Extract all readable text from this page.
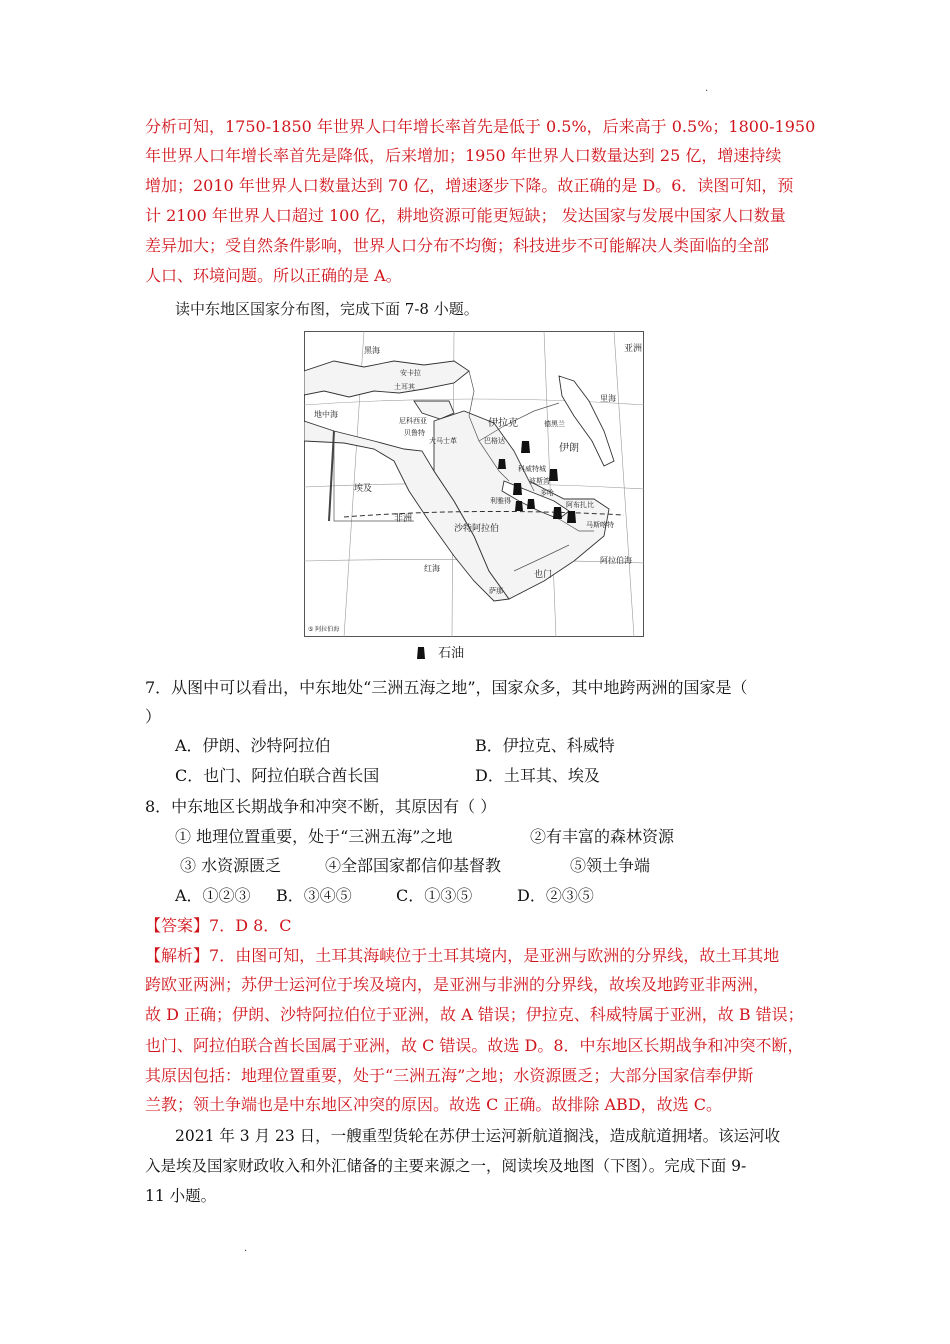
·
·
分析可知，1750-1850 年世界人口年增长率首先是低于 0.5%，后来高于 0.5%；1800-1950
年世界人口年增长率首先是降低，后来增加；1950 年世界人口数量达到 25 亿，增速持续
增加；2010 年世界人口数量达到 70 亿，增速逐步下降。故正确的是 D。6．读图可知，预
计 2100 年世界人口超过 100 亿，耕地资源可能更短缺； 发达国家与发展中国家人口数量
差异加大；受自然条件影响，世界人口分布不均衡；科技进步不可能解决人类面临的全部
人口、环境问题。所以正确的是 A。
读中东地区国家分布图，完成下面 7-8 小题。
土耳其
安卡拉
尼科西亚
贝鲁特
大马士革	巴格达
德黑兰
伊拉克
伊朗
科威特城
利雅得
沙特阿拉伯
多哈
阿布扎比
马斯喀特
萨那
也门
埃及
非洲
亚洲
红海
波斯湾
阿拉伯海
里海
黑海
地中海
⑤ 阿拉伯海
石油
7．从图中可以看出，中东地处“三洲五海之地”，国家众多，其中地跨两洲的国家是（
）
A．伊朗、沙特阿拉伯	B．伊拉克、科威特
C．也门、阿拉伯联合酋长国	D．土耳其、埃及
8．中东地区长期战争和冲突不断，其原因有（ ）
① 地理位置重要，处于“三洲五海”之地	②有丰富的森林资源
③ 水资源匮乏	④全部国家都信仰基督教	⑤领土争端
A．①②③ B．③④⑤	C．①③⑤	D．②③⑤
【答案】7．D 8．C
【解析】7．由图可知，土耳其海峡位于土耳其境内，是亚洲与欧洲的分界线，故土耳其地
跨欧亚两洲；苏伊士运河位于埃及境内，是亚洲与非洲的分界线，故埃及地跨亚非两洲，
故 D 正确；伊朗、沙特阿拉伯位于亚洲，故 A 错误；伊拉克、科威特属于亚洲，故 B 错误；
也门、阿拉伯联合酋长国属于亚洲，故 C 错误。故选 D。8．中东地区长期战争和冲突不断，
其原因包括：地理位置重要，处于“三洲五海”之地；水资源匮乏；大部分国家信奉伊斯
兰教；领土争端也是中东地区冲突的原因。故选 C 正确。故排除 ABD，故选 C。
2021 年 3 月 23 日，一艘重型货轮在苏伊士运河新航道搁浅，造成航道拥堵。该运河收
入是埃及国家财政收入和外汇储备的主要来源之一，阅读埃及地图（下图）。完成下面 9-
11 小题。
